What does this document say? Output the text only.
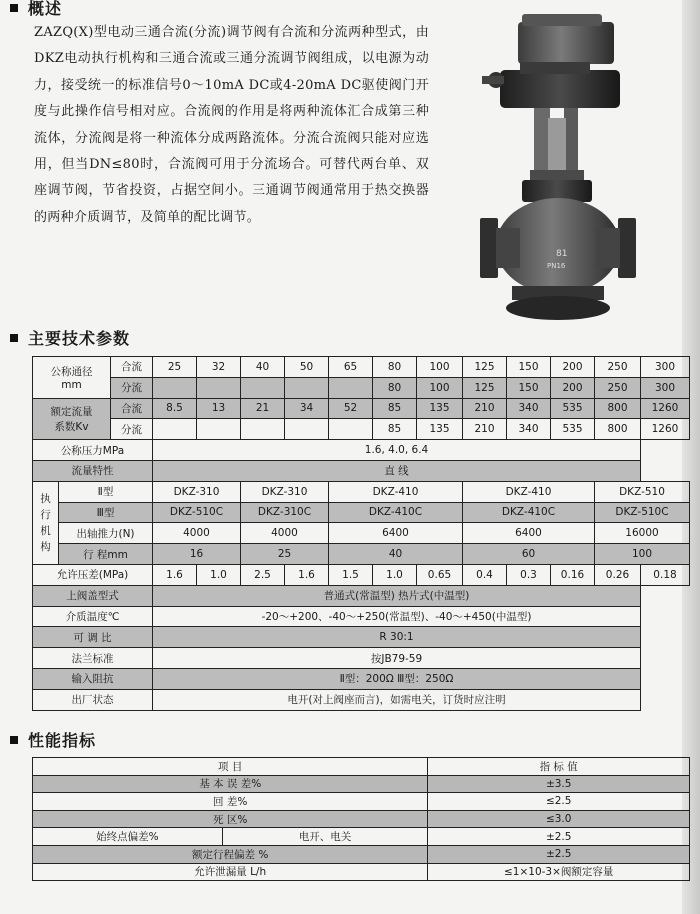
概述

ZAZQ(X)型电动三通合流(分流)调节阀有合流和分流两种型式，由DKZ电动执行机构和三通合流或三通分流调节阀组成，以电源为动力，接受统一的标准信号0～10mA DC或4-20mA DC驱使阀门开度与此操作信号相对应。合流阀的作用是将两种流体汇合成第三种流体，分流阀是将一种流体分成两路流体。分流合流阀只能对应选用，但当DN≤80时，合流阀可用于分流场合。可替代两台单、双座调节阀，节省投资，占据空间小。三通调节阀通常用于热交换器的两种介质调节，及简单的配比调节。

81
PN16
主要技术参数
公称通径
mm		合流	25	32	40	50	65	80	100	125	150	200	250	300
		分流						80	100	125	150	200	250	300
额定流量
系数Kv		合流	8.5	13	21	34	52	85	135	210	340	535	800	1260
		分流						85	135	210	340	535	800	1260
公称压力MPa			1.6, 4.0, 6.4											
流量特性			直 线											
执行机构	Ⅱ型		DKZ-310		DKZ-310		DKZ-410			DKZ-410			DKZ-510	
	Ⅲ型		DKZ-510C		DKZ-310C		DKZ-410C			DKZ-410C			DKZ-510C	
	出轴推力(N)		4000		4000		6400			6400			16000	
	行 程mm		16		25		40			60			100	
允许压差(MPa)			1.6	1.0	2.5	1.6	1.5	1.0	0.65	0.4	0.3	0.16	0.26	0.18
上阀盖型式			普通式(常温型) 热片式(中温型)											
介质温度℃			-20～+200、-40～+250(常温型)、-40～+450(中温型)											
可 调 比			R 30:1											
法兰标准			按JB79-59											
输入阻抗			Ⅱ型：200Ω Ⅲ型：250Ω											
出厂状态			电开(对上阀座而言)，如需电关，订货时应注明											
性能指标
项 目		指 标 值
基 本 误 差%		±3.5
回 差%		≤2.5
死 区%		≤3.0
始终点偏差%	电开、电关	±2.5
额定行程偏差 %		±2.5
允许泄漏量 L/h		≤1×10-3×阀额定容量
